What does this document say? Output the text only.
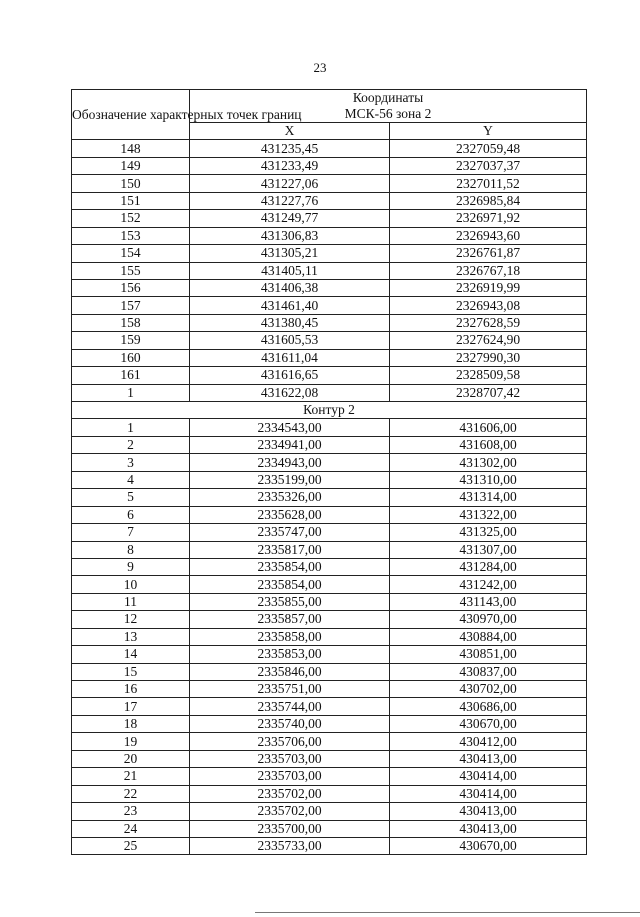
23
Обозначение характерных точек границ	Координаты
МСК-56 зона 2	

	X	Y
148	431235,45	2327059,48
149	431233,49	2327037,37
150	431227,06	2327011,52
151	431227,76	2326985,84
152	431249,77	2326971,92
153	431306,83	2326943,60
154	431305,21	2326761,87
155	431405,11	2326767,18
156	431406,38	2326919,99
157	431461,40	2326943,08
158	431380,45	2327628,59
159	431605,53	2327624,90
160	431611,04	2327990,30
161	431616,65	2328509,58
1	431622,08	2328707,42
Контур 2		
1	2334543,00	431606,00
2	2334941,00	431608,00
3	2334943,00	431302,00
4	2335199,00	431310,00
5	2335326,00	431314,00
6	2335628,00	431322,00
7	2335747,00	431325,00
8	2335817,00	431307,00
9	2335854,00	431284,00
10	2335854,00	431242,00
11	2335855,00	431143,00
12	2335857,00	430970,00
13	2335858,00	430884,00
14	2335853,00	430851,00
15	2335846,00	430837,00
16	2335751,00	430702,00
17	2335744,00	430686,00
18	2335740,00	430670,00
19	2335706,00	430412,00
20	2335703,00	430413,00
21	2335703,00	430414,00
22	2335702,00	430414,00
23	2335702,00	430413,00
24	2335700,00	430413,00
25	2335733,00	430670,00
